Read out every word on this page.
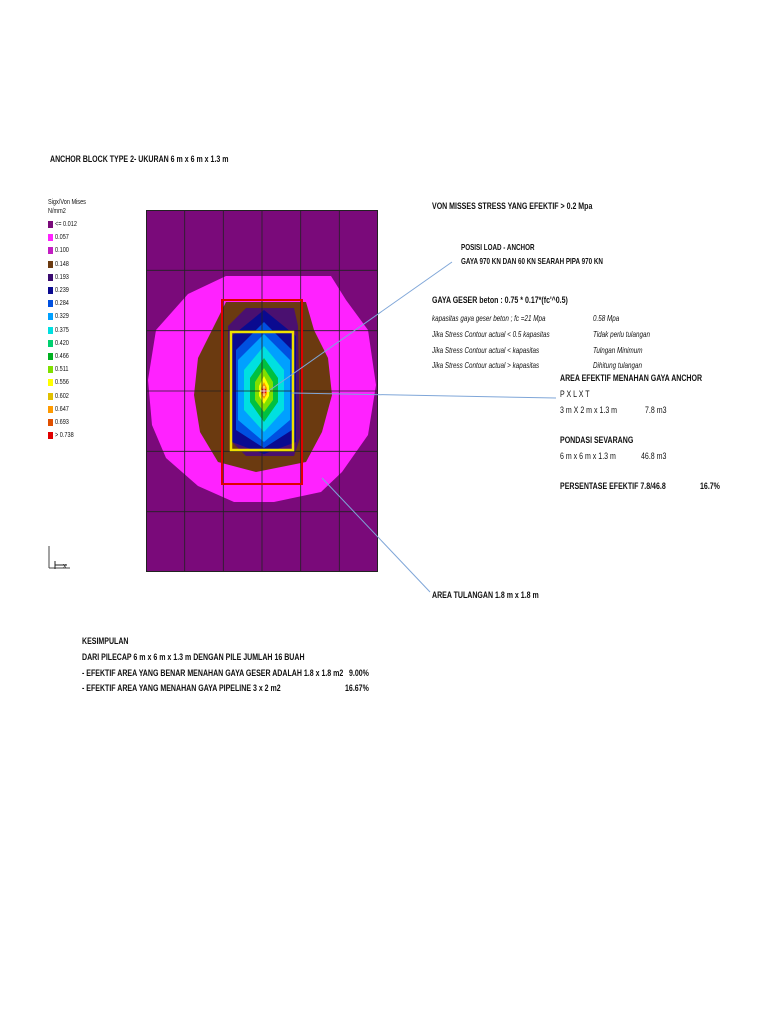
ANCHOR BLOCK TYPE 2- UKURAN 6 m x 6 m x 1.3 m
Sigx/Von Mises
N/mm2
<= 0.012
0.057
0.100
0.148
0.193
0.239
0.284
0.329
0.375
0.420
0.466
0.511
0.556
0.602
0.647
0.693
> 0.738
x
VON MISSES STRESS YANG EFEKTIF > 0.2 Mpa
POSISI LOAD - ANCHOR
GAYA 970 KN DAN 60 KN SEARAH PIPA 970 KN
GAYA GESER beton : 0.75 * 0.17*(fc'^0.5)
kapasitas gaya geser beton ; fc =21 Mpa	0.58 Mpa
Jika Stress Contour actual < 0.5 kapasitas	Tidak perlu tulangan
Jika Stress Contour actual < kapasitas	Tulngan Minimum
Jika Stress Contour actual > kapasitas	Dihitung tulangan
AREA EFEKTIF MENAHAN GAYA ANCHOR
P X L X T
3 m X 2 m x 1.3 m	7.8 m3
PONDASI SEVARANG
6 m x 6 m x 1.3 m	46.8 m3
PERSENTASE EFEKTIF 7.8/46.8	16.7%
AREA TULANGAN 1.8 m x 1.8 m
KESIMPULAN
DARI PILECAP 6 m x 6 m x 1.3 m DENGAN PILE JUMLAH 16 BUAH
- EFEKTIF AREA YANG BENAR MENAHAN GAYA GESER ADALAH 1.8 x 1.8 m2 9.00%
- EFEKTIF AREA YANG MENAHAN GAYA PIPELINE 3 x 2 m2	16.67%
